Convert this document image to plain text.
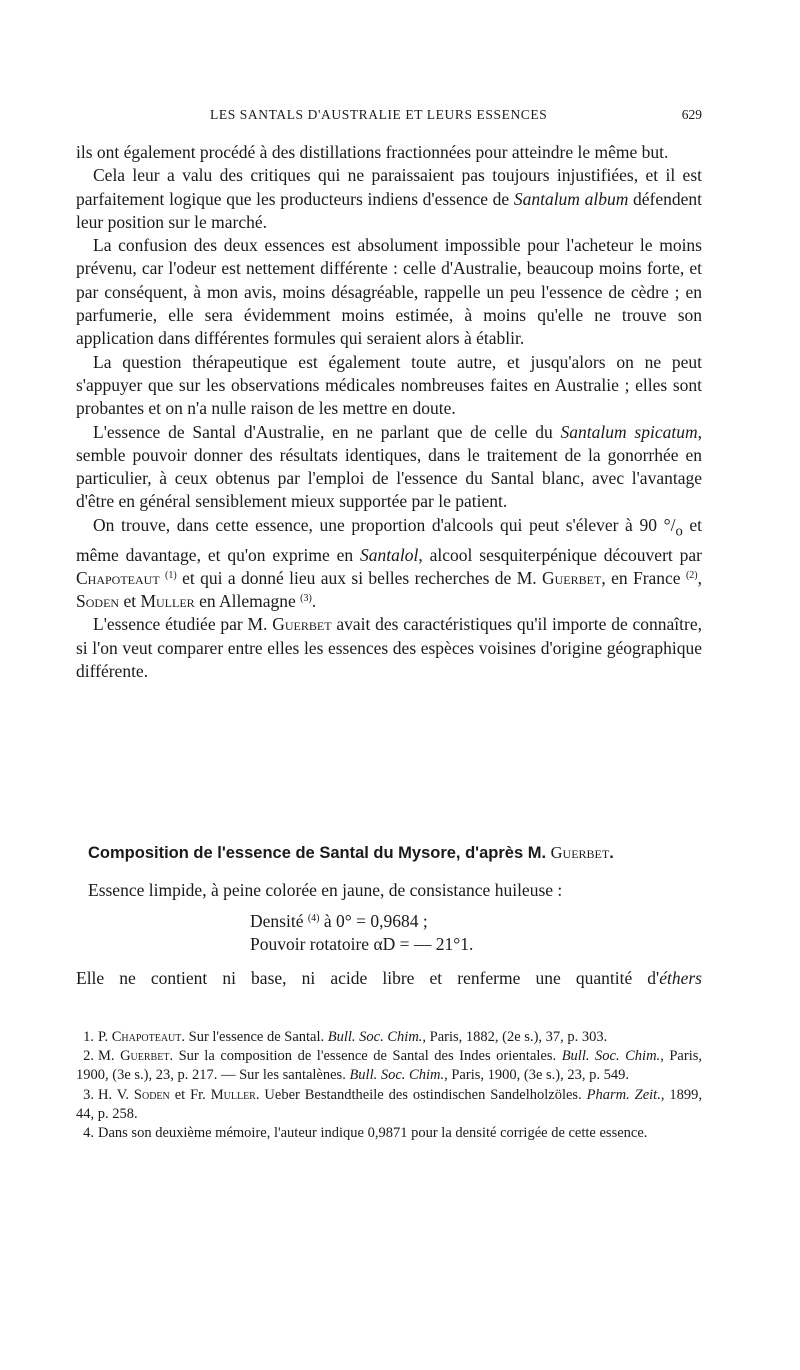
LES SANTALS D'AUSTRALIE ET LEURS ESSENCES	629

ils ont également procédé à des distillations fractionnées pour atteindre le même but.

Cela leur a valu des critiques qui ne paraissaient pas toujours injustifiées, et il est parfaitement logique que les producteurs indiens d'essence de Santalum album défendent leur position sur le marché.

La confusion des deux essences est absolument impossible pour l'acheteur le moins prévenu, car l'odeur est nettement différente : celle d'Australie, beaucoup moins forte, et par conséquent, à mon avis, moins désagréable, rappelle un peu l'essence de cèdre ; en parfumerie, elle sera évidemment moins estimée, à moins qu'elle ne trouve son application dans différentes formules qui seraient alors à établir.

La question thérapeutique est également toute autre, et jusqu'alors on ne peut s'appuyer que sur les observations médicales nombreuses faites en Australie ; elles sont probantes et on n'a nulle raison de les mettre en doute.

L'essence de Santal d'Australie, en ne parlant que de celle du Santalum spicatum, semble pouvoir donner des résultats identiques, dans le traitement de la gonorrhée en particulier, à ceux obtenus par l'emploi de l'essence du Santal blanc, avec l'avantage d'être en général sensiblement mieux supportée par le patient.

On trouve, dans cette essence, une proportion d'alcools qui peut s'élever à 90 $^\circ/_o$ et même davantage, et qu'on exprime en Santalol, alcool sesquiterpénique découvert par Chapoteaut $^{(1)}$ et qui a donné lieu aux si belles recherches de M. Guerbet, en France $^{(2)}$, Soden et Muller en Allemagne $^{(3)}$.

L'essence étudiée par M. Guerbet avait des caractéristiques qu'il importe de connaître, si l'on veut comparer entre elles les essences des espèces voisines d'origine géographique différente.

Composition de l'essence de Santal du Mysore, d'après M. Guerbet.
Essence limpide, à peine colorée en jaune, de consistance huileuse :
Densité $^{(4)}$ à 0° = 0,9684 ;
Pouvoir rotatoire αD = — 21°1.
Elle ne contient ni base, ni acide libre et renferme une quantité d'éthers

1. P. Chapoteaut. Sur l'essence de Santal. Bull. Soc. Chim., Paris, 1882, (2e s.), 37, p. 303.

2. M. Guerbet. Sur la composition de l'essence de Santal des Indes orientales. Bull. Soc. Chim., Paris, 1900, (3e s.), 23, p. 217. — Sur les santalènes. Bull. Soc. Chim., Paris, 1900, (3e s.), 23, p. 549.

3. H. V. Soden et Fr. Muller. Ueber Bestandtheile des ostindischen Sandelholzöles. Pharm. Zeit., 1899, 44, p. 258.

4. Dans son deuxième mémoire, l'auteur indique 0,9871 pour la densité corrigée de cette essence.
